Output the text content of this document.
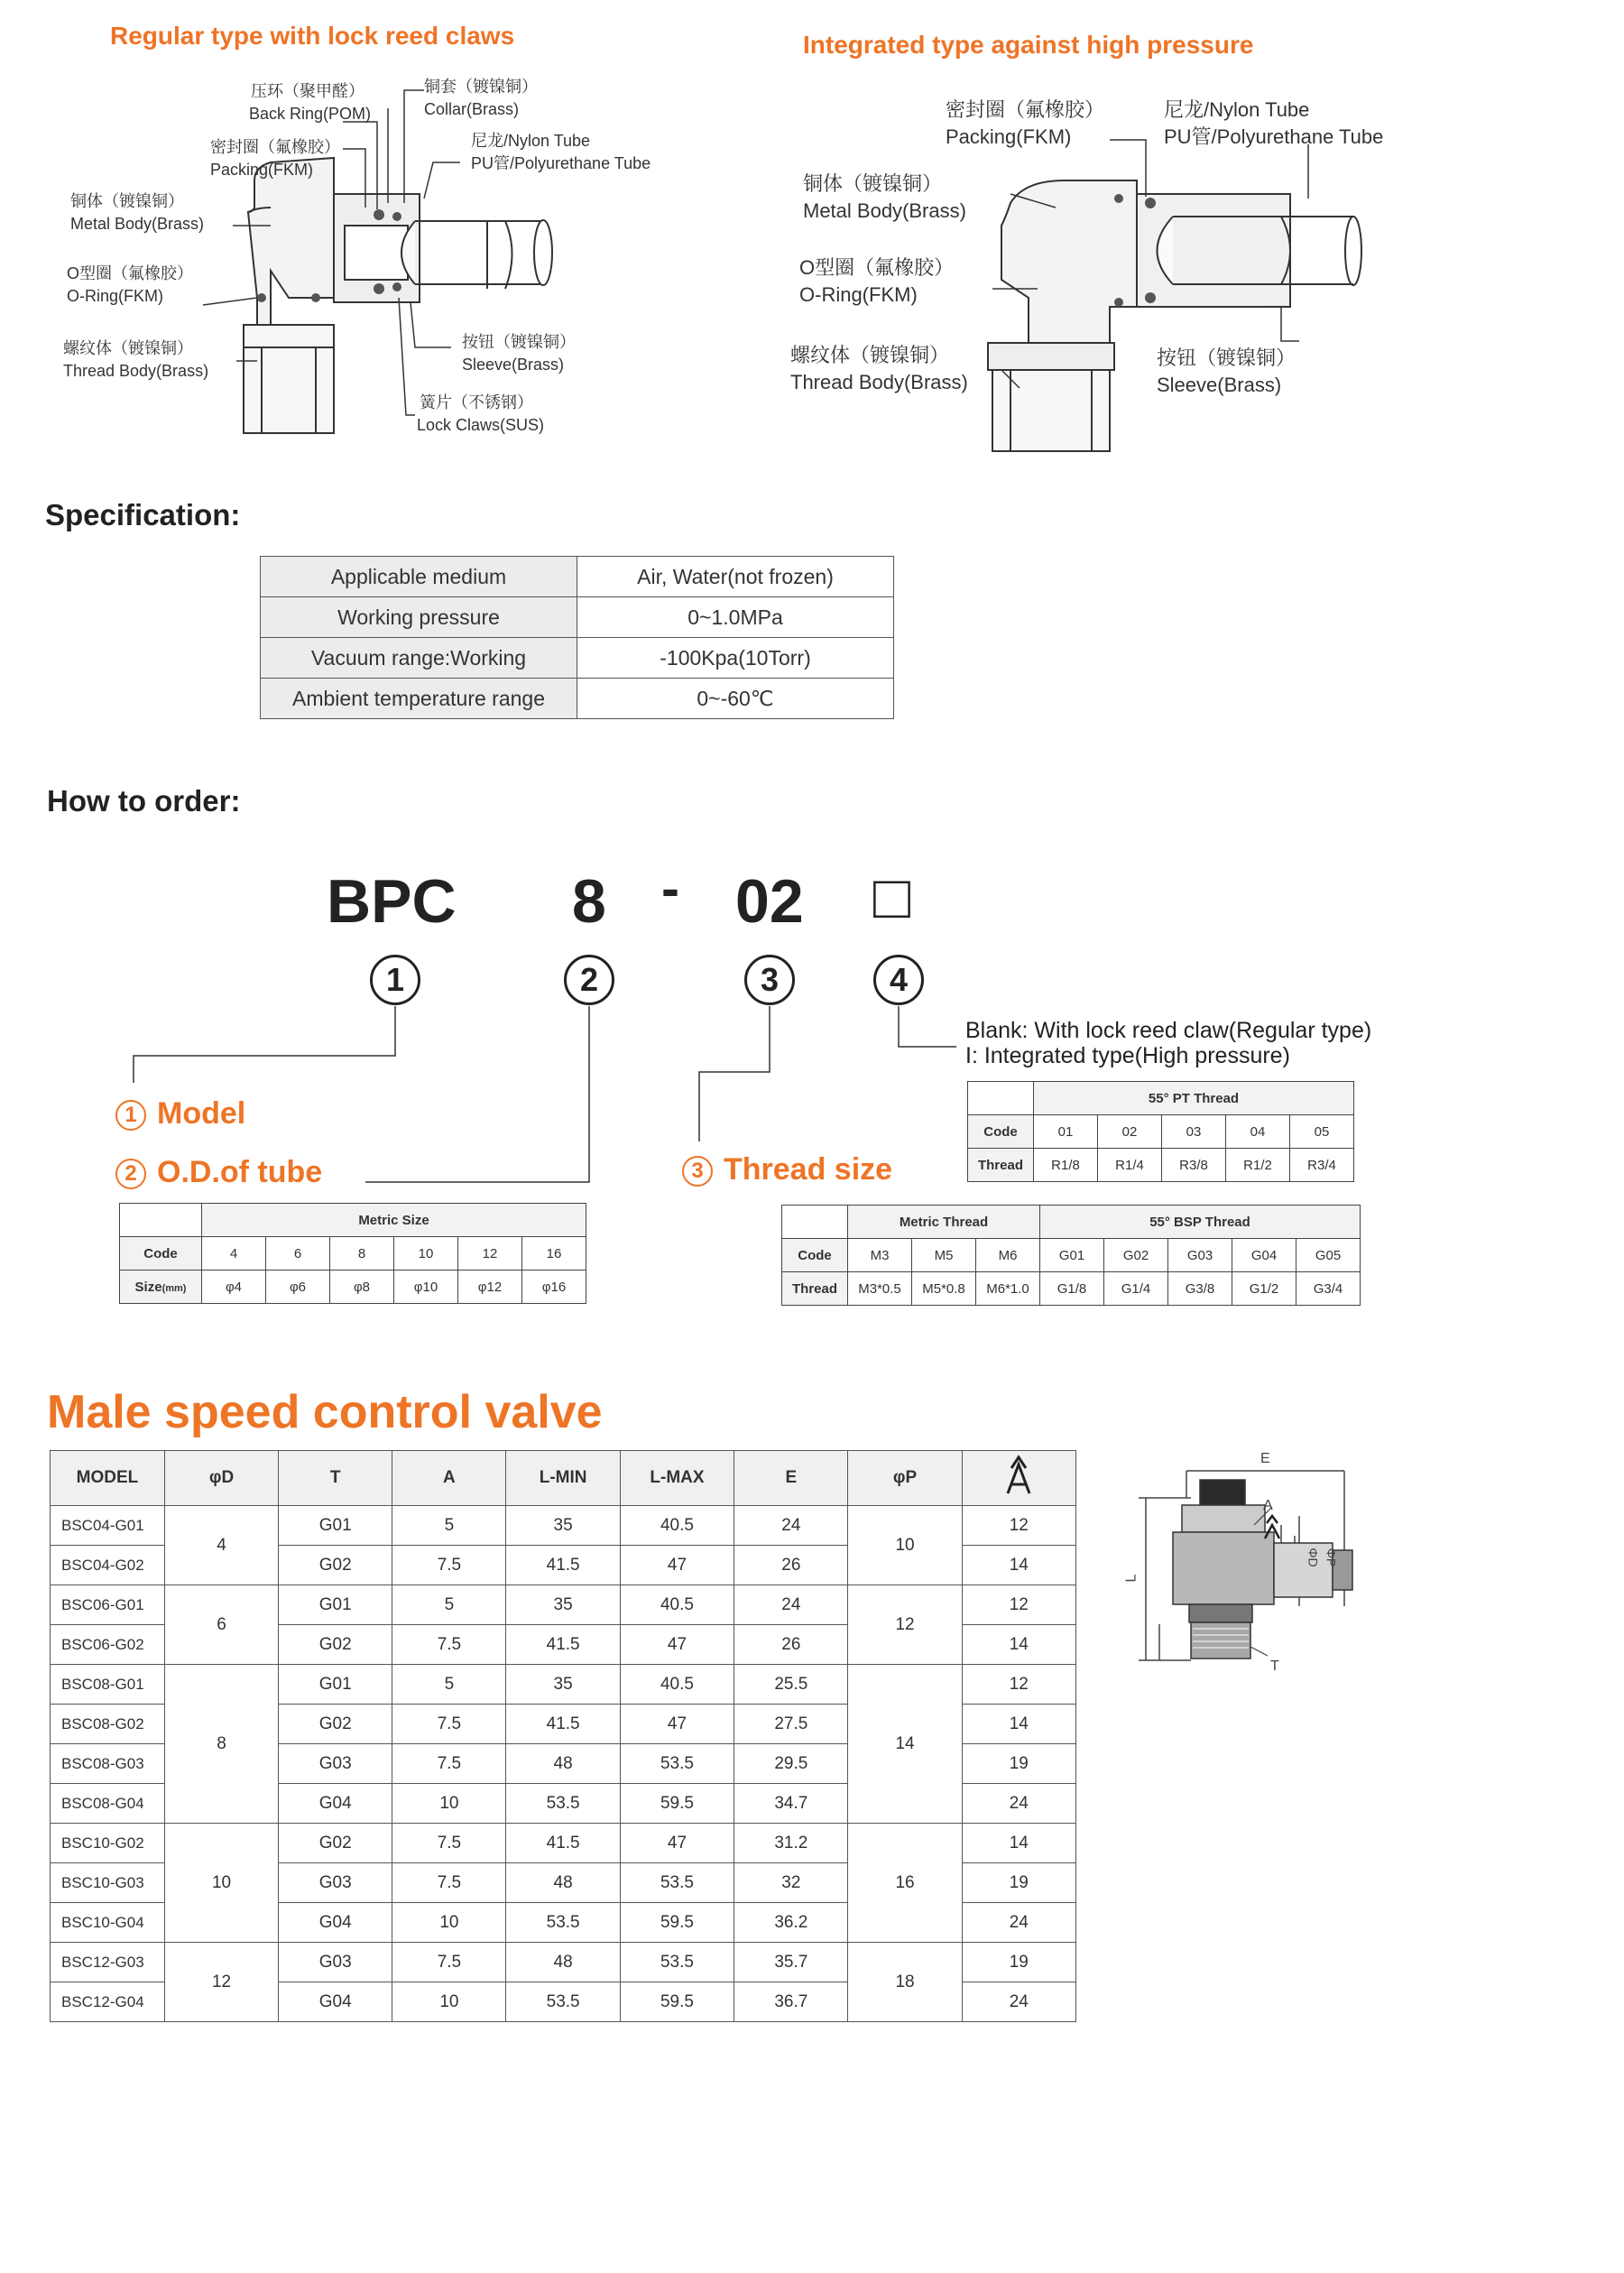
Regular type with lock reed claws
压环（聚甲醛）
Back Ring(POM)
铜套（镀镍铜）
Collar(Brass)
密封圈（氟橡胶）
Packing(FKM)
尼龙/Nylon Tube
PU管/Polyurethane Tube
铜体（镀镍铜）
Metal Body(Brass)
O型圈（氟橡胶）
O-Ring(FKM)
螺纹体（镀镍铜）
Thread Body(Brass)
按钮（镀镍铜）
Sleeve(Brass)
簧片（不锈钢）
Lock Claws(SUS)
Integrated type against high pressure
密封圈（氟橡胶）
Packing(FKM)
尼龙/Nylon Tube
PU管/Polyurethane Tube
铜体（镀镍铜）
Metal Body(Brass)
O型圈（氟橡胶）
O-Ring(FKM)
螺纹体（镀镍铜）
Thread Body(Brass)
按钮（镀镍铜）
Sleeve(Brass)
Specification:
Applicable medium	Air, Water(not frozen)
Working pressure	0~1.0MPa
Vacuum range:Working	-100Kpa(10Torr)
Ambient temperature range	0~-60℃
How to order:
BPC 8 - 02 □
1	2	3	4
1 Model
2 O.D.of tube	3 Thread size
Blank: With lock reed claw(Regular type)
I: Integrated type(High pressure)
	55° PT Thread				
Code	01	02	03	04	05
Thread	R1/8	R1/4	R3/8	R1/2	R3/4
	Metric Size					
Code	4	6	8	10	12	16
Size(mm)	φ4	φ6	φ8	φ10	φ12	φ16
	Metric Thread			55° BSP Thread				
Code	M3	M5	M6	G01	G02	G03	G04	G05
Thread	M3*0.5	M5*0.8	M6*1.0	G1/8	G1/4	G3/8	G1/2	G3/4
Male speed control valve
MODEL	φD	T	A	L-MIN	L-MAX	E	φP	
BSC04-G01	4	G01	5	35	40.5	24	10	12
BSC04-G02		G02	7.5	41.5	47	26		14
BSC06-G01	6	G01	5	35	40.5	24	12	12
BSC06-G02		G02	7.5	41.5	47	26		14
BSC08-G01	8	G01	5	35	40.5	25.5	14	12
BSC08-G02		G02	7.5	41.5	47	27.5		14
BSC08-G03		G03	7.5	48	53.5	29.5		19
BSC08-G04		G04	10	53.5	59.5	34.7		24
BSC10-G02	10	G02	7.5	41.5	47	31.2	16	14
BSC10-G03		G03	7.5	48	53.5	32		19
BSC10-G04		G04	10	53.5	59.5	36.2		24
BSC12-G03	12	G03	7.5	48	53.5	35.7	18	19
BSC12-G04		G04	10	53.5	59.5	36.7		24
E
A
L
T
ΦD ΦP
